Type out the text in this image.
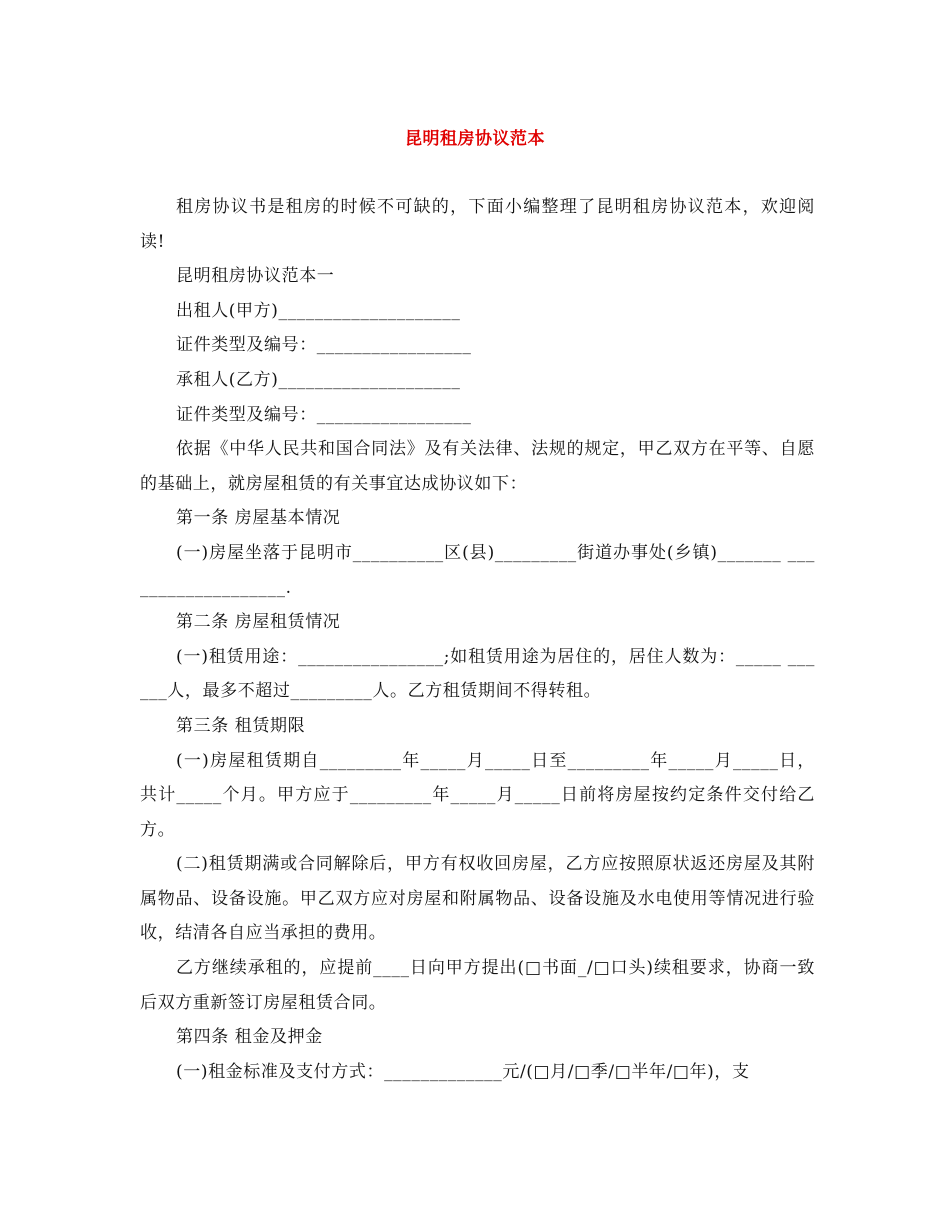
昆明租房协议范本

租房协议书是租房的时候不可缺的，下面小编整理了昆明租房协议范本，欢迎阅读!

昆明租房协议范本一

出租人(甲方)____________________

证件类型及编号：_________________

承租人(乙方)____________________

证件类型及编号：_________________

依据《中华人民共和国合同法》及有关法律、法规的规定，甲乙双方在平等、自愿的基础上，就房屋租赁的有关事宜达成协议如下：

第一条 房屋基本情况

(一)房屋坐落于昆明市__________区(县)_________街道办事处(乡镇)_______ ___________________.

第二条 房屋租赁情况

(一)租赁用途：________________;如租赁用途为居住的，居住人数为：_____ ______人，最多不超过_________人。乙方租赁期间不得转租。

第三条 租赁期限

(一)房屋租赁期自_________年_____月_____日至_________年_____月_____日，共计_____个月。甲方应于_________年_____月_____日前将房屋按约定条件交付给乙方。

(二)租赁期满或合同解除后，甲方有权收回房屋，乙方应按照原状返还房屋及其附属物品、设备设施。甲乙双方应对房屋和附属物品、设备设施及水电使用等情况进行验收，结清各自应当承担的费用。

乙方继续承租的，应提前____日向甲方提出(□书面_/□口头)续租要求，协商一致后双方重新签订房屋租赁合同。

第四条 租金及押金

(一)租金标准及支付方式：_____________元/(□月/□季/□半年/□年)，支
